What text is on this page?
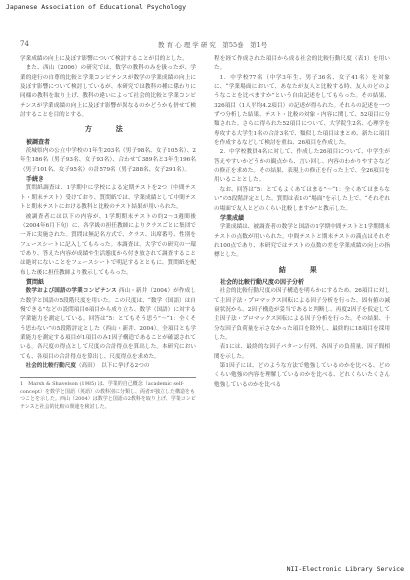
Japanese Association of Educational Psychology
74	教 育 心 理 学 研 究　第55巻　第1号

学業成績の向上に及ぼす影響について検討することが目的とした。

また、西山（2006）の研究では、数学の教科のみを扱ったが、学業的達行の自尊的比較と学業コンピテンスが数学の学業成績の向上に及ぼす影響について検討しているが、本研究では教科の種に係わりに同様の教科を取り上げ、教科の違いによって社会的比較と学業コンピテンスが学業成績の向上に及ぼす影響が異なるのかどうかも併せて検討することを目的とする。

方　法

被調査者

茨城県内の公立中学校の1年生203名（男子98名、女子105名）、2年生186名（男子93名、女子93名）、合わせて389名と3年生196名（男子101名、女子95名）の計579名（男子288名、女子291名）。

手続き

質問紙調査は、1学期中に学校による定期テストを2つ（中間テスト・期末テスト）受けており、質問紙では、学業成績として中間テストと期末テストにおける教科と比較のテスト結果が用いられた。

被調査者には以下の内容が、1学期期末テストの約2～3週間後（2004年6月下旬）に、各学級の担任教師によりクラスごとに集団で一斉に実施された。質問は無記名方式で、クラス、出席番号、性別をフェースシートに記入してもらった。本調査は、大学での研究の一環であり、答えた内容が成績や生活態度から付き放されて調査することは絶対にないことをフェースシートで明記するとともに、質問紙を配布した後に担任教師より教示してもらった。

質問紙

数学および国語の学業コンピテンス 西山・新井（2004）が作成した数学と国語の5段階尺度を用いた。この尺度は、“数学（国語）は自慢できる”などの設問項目6項目から成り立ち、数学（国語）に対する学業能力を測定している。回答は“5：とてもそう思う”～“1：全くそう思わない”の5段階評定とした（西山・新井、2004）。全項目とも学業能力を測定する項目が1項目のみ1因子構造であることが確認されている。各尺度の得点として尺度の合計得点を算出した。本研究においても、各項目の合計得点を算出し、尺度得点を求めた。

社会的比較行動尺度（高田）　以下に挙げる2つの

1　Marsh & Shavelson (1985) は、学業的自己概念（academic self-concept）を数学と国語（英語）の教科別に分類し、両者が独立した構造をもつことを示した。西山（2004）は数学と国語の2教科を取り上げ、学業コンピテンスと社会的比較の関連を検討した。

程を経て作成された項目から成る社会的比較行動尺度（表1）を用いた。

1．中学校77名（中学3年生、男子36名、女子41名）を対象に、“学業場面において、あなたが友人と比較する時、友人のどのようなことを比べますか”という自由記述をしてもらった。その結果、326項目（1人平均4.2項目）の記述が得られた。それらの記述を一つずつ分析した結果、テスト・比較の対象・内容に関して、52項目に分類された。さらに得られた52項目について、大学院生2名、心理学を専攻する大学生1名の合計3名で、類似した項目はまとめ、新たに項目を作成するなどして検討を重ね、26項目を作成した。

2．中学校教員4名に対して、作成した26項目について、中学生が答えやすいかどうかの観点から、言い回し、内容のわかりやすさなどの修正を求めた。その結果、表現上の修正を行った上で、全26項目を用いることとした。

なお、回答は“5：とてもよくあてはまる”～“1：全くあてはまらない”の5段階評定とした。質問は表1の“場面”を示した上で、“それぞれの場面で友人とどのくらい比較しますか”と教示した。

学業成績

学業成績は、被調査者の数学と国語の1学期中間テストと1学期期末テストの点数が用いられた。中間テストと期末テストの満点はそれぞれ100点であり、本研究ではテストの点数の差を学業成績の向上の指標とした。

結　果

社会的比較行動尺度の因子分析

社会的比較行動尺度の因子構造を明らかにするため、26項目に対して主因子法・プロマックス回転による因子分析を行った。固有値の減衰状況から、2因子構造が妥当であると判断し、再度2因子を仮定して主因子法・プロマックス回転による因子分析を行った。その結果、十分な因子負荷量を示さなかった項目を除外し、最終的に18項目を採用した。

表1には、最終的な因子パターン行列、各因子の負荷量、因子間相関を示した。

第1因子には、どのような方法で勉強しているのかを比べる、どのくらい勉強の内容を理解しているのかを比べる、どれくらいたくさん勉強しているのかを比べる

NII-Electronic Library Service
